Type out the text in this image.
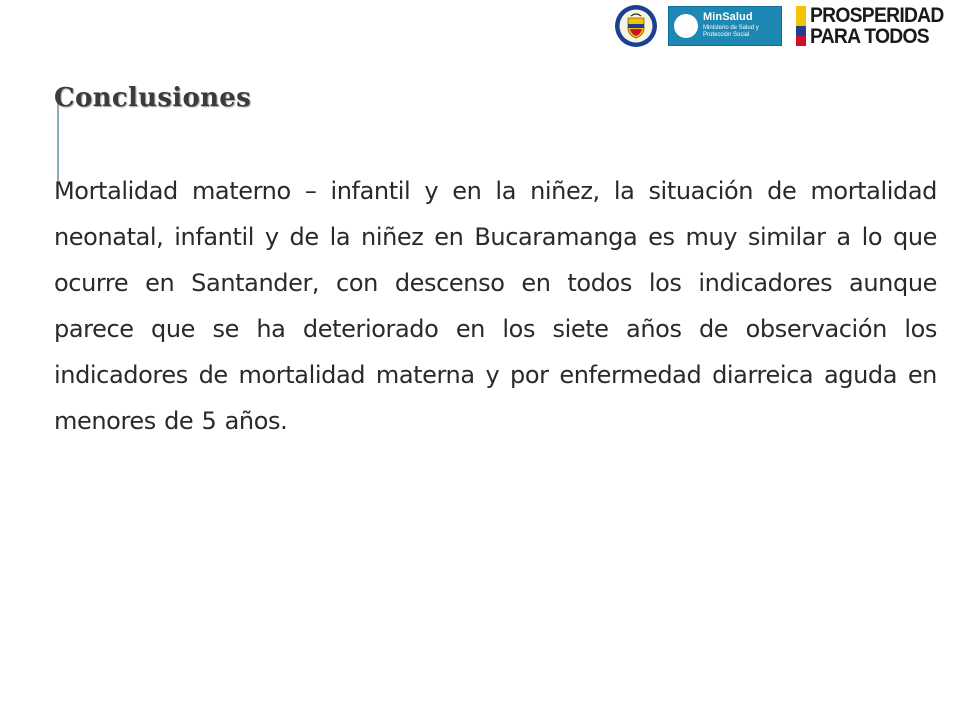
MinSalud
Ministerio de Salud y Protección Social
PROSPERIDAD
PARA TODOS
Conclusiones
Mortalidad materno – infantil y en la niñez, la situación de mortalidad neonatal, infantil y de la niñez en Bucaramanga es muy similar a lo que ocurre en Santander, con descenso en todos los indicadores aunque parece que se ha deteriorado en los siete años de observación los indicadores de mortalidad materna y por enfermedad diarreica aguda en menores de 5 años.
